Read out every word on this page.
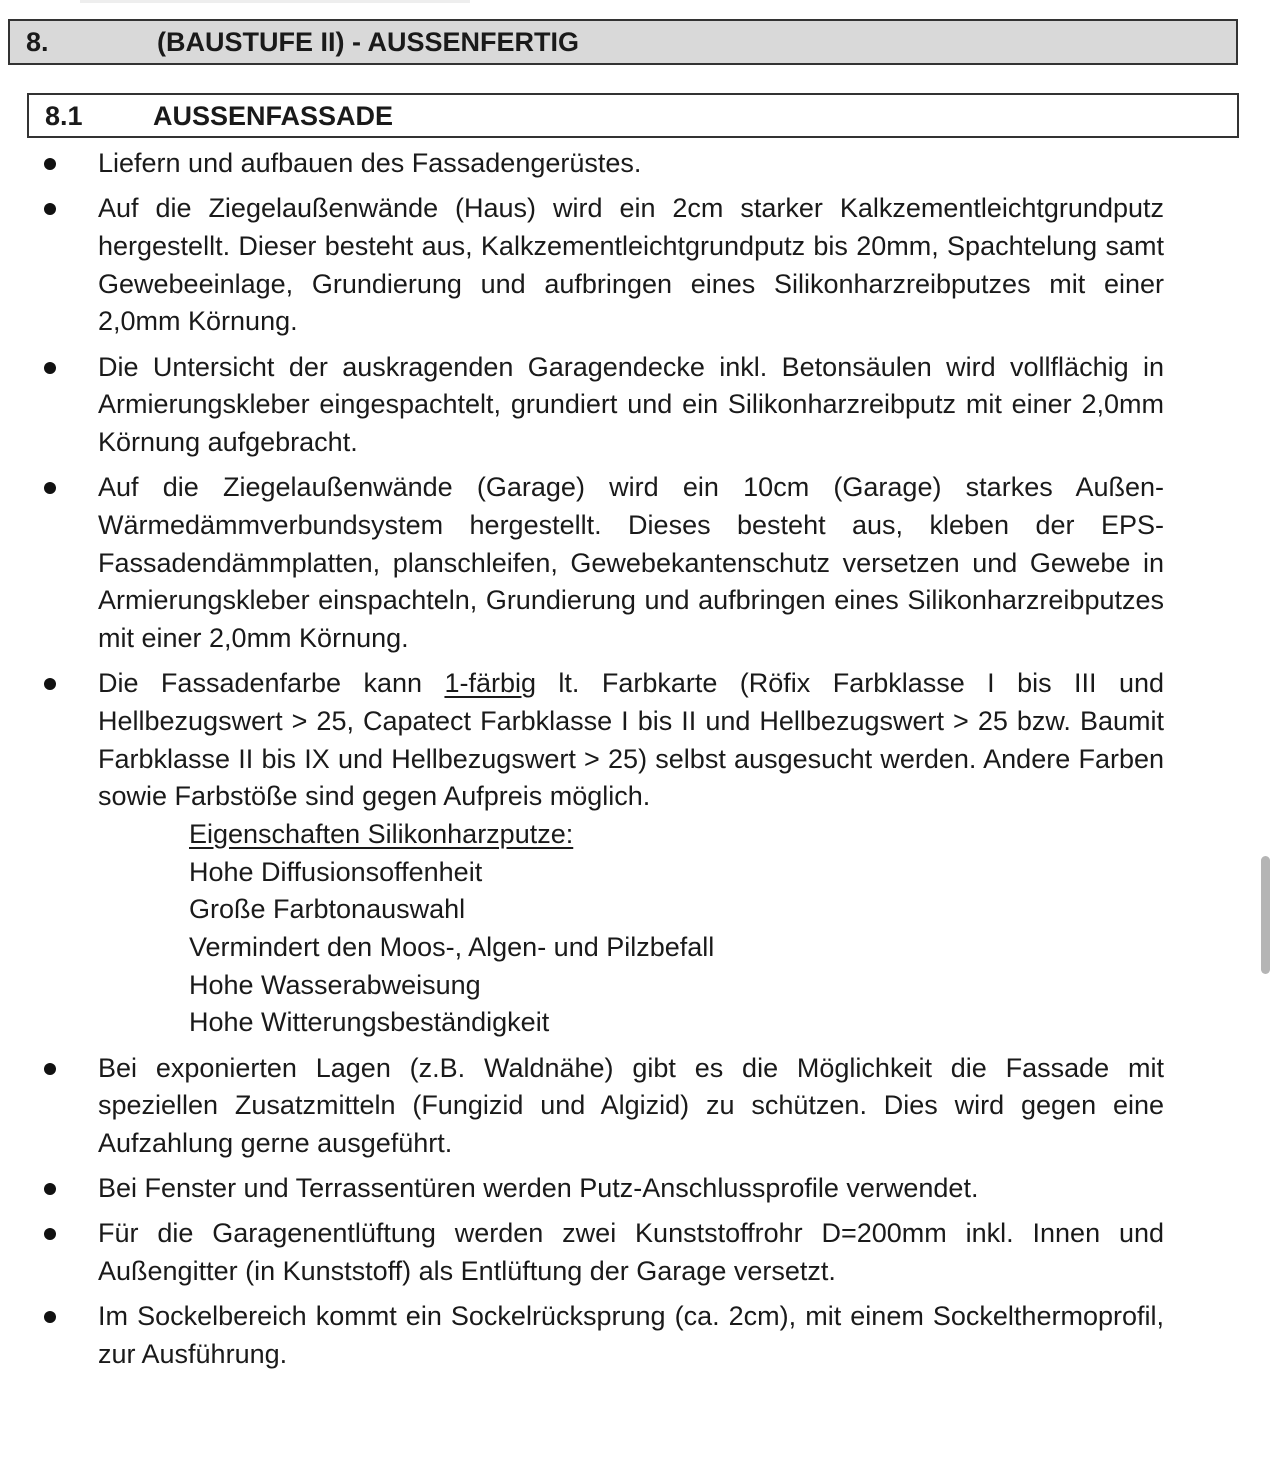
8.	(BAUSTUFE II) - AUSSENFERTIG
8.1	AUSSENFASSADE
Liefern und aufbauen des Fassadengerüstes.
Auf die Ziegelaußenwände (Haus) wird ein 2cm starker Kalkzementleichtgrundputz hergestellt. Dieser besteht aus, Kalkzementleichtgrundputz bis 20mm, Spachtelung samt Gewebeeinlage, Grundierung und aufbringen eines Silikonharzreibputzes mit einer 2,0mm Körnung.
Die Untersicht der auskragenden Garagendecke inkl. Betonsäulen wird vollflächig in Armierungskleber eingespachtelt, grundiert und ein Silikonharzreibputz mit einer 2,0mm Körnung aufgebracht.
Auf die Ziegelaußenwände (Garage) wird ein 10cm (Garage) starkes Außen-Wärmedämmverbundsystem hergestellt. Dieses besteht aus, kleben der EPS-Fassadendämmplatten, planschleifen, Gewebekantenschutz versetzen und Gewebe in Armierungskleber einspachteln, Grundierung und aufbringen eines Silikonharzreibputzes mit einer 2,0mm Körnung.
Die Fassadenfarbe kann 1-färbig lt. Farbkarte (Röfix Farbklasse I bis III und Hellbezugswert > 25, Capatect Farbklasse I bis II und Hellbezugswert > 25 bzw. Baumit Farbklasse II bis IX und Hellbezugswert > 25) selbst ausgesucht werden. Andere Farben sowie Farbstöße sind gegen Aufpreis möglich.
Eigenschaften Silikonharzputze:
Hohe Diffusionsoffenheit
Große Farbtonauswahl
Vermindert den Moos-, Algen- und Pilzbefall
Hohe Wasserabweisung
Hohe Witterungsbeständigkeit
Bei exponierten Lagen (z.B. Waldnähe) gibt es die Möglichkeit die Fassade mit speziellen Zusatzmitteln (Fungizid und Algizid) zu schützen. Dies wird gegen eine Aufzahlung gerne ausgeführt.
Bei Fenster und Terrassentüren werden Putz-Anschlussprofile verwendet.
Für die Garagenentlüftung werden zwei Kunststoffrohr D=200mm inkl. Innen und Außengitter (in Kunststoff) als Entlüftung der Garage versetzt.
Im Sockelbereich kommt ein Sockelrücksprung (ca. 2cm), mit einem Sockelthermoprofil, zur Ausführung.
